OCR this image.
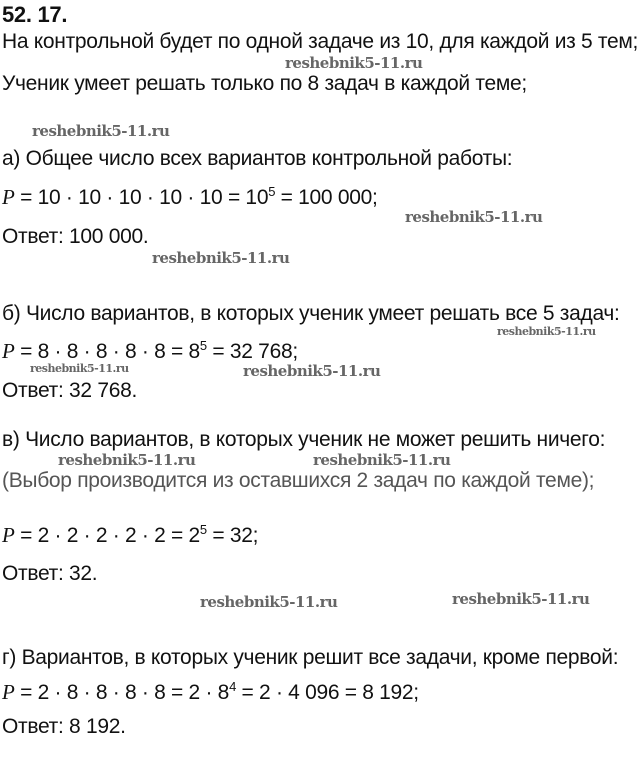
52. 17.
На контрольной будет по одной задаче из 10, для каждой из 5 тем;
reshebnik5-11.ru
Ученик умеет решать только по 8 задач в каждой теме;
reshebnik5-11.ru
а) Общее число всех вариантов контрольной работы:
$P = 10 \cdot 10 \cdot 10 \cdot 10 \cdot 10 = 10^5 = 100$ 000;
reshebnik5-11.ru
Ответ: 100 000.
reshebnik5-11.ru
б) Число вариантов, в которых ученик умеет решать все 5 задач:
reshebnik5-11.ru
$P = 8 \cdot 8 \cdot 8 \cdot 8 \cdot 8 = 8^5 = 32$ 768;
reshebnik5-11.ru	reshebnik5-11.ru
Ответ: 32 768.
в) Число вариантов, в которых ученик не может решить ничего:
reshebnik5-11.ru	reshebnik5-11.ru
(Выбор производится из оставшихся 2 задач по каждой теме);
$P = 2 \cdot 2 \cdot 2 \cdot 2 \cdot 2 = 2^5 = 32$;
Ответ: 32.
reshebnik5-11.ru	reshebnik5-11.ru
г) Вариантов, в которых ученик решит все задачи, кроме первой:
$P = 2 \cdot 8 \cdot 8 \cdot 8 \cdot 8 = 2 \cdot 8^4 = 2 \cdot 4$ 096 = 8 192;
Ответ: 8 192.
